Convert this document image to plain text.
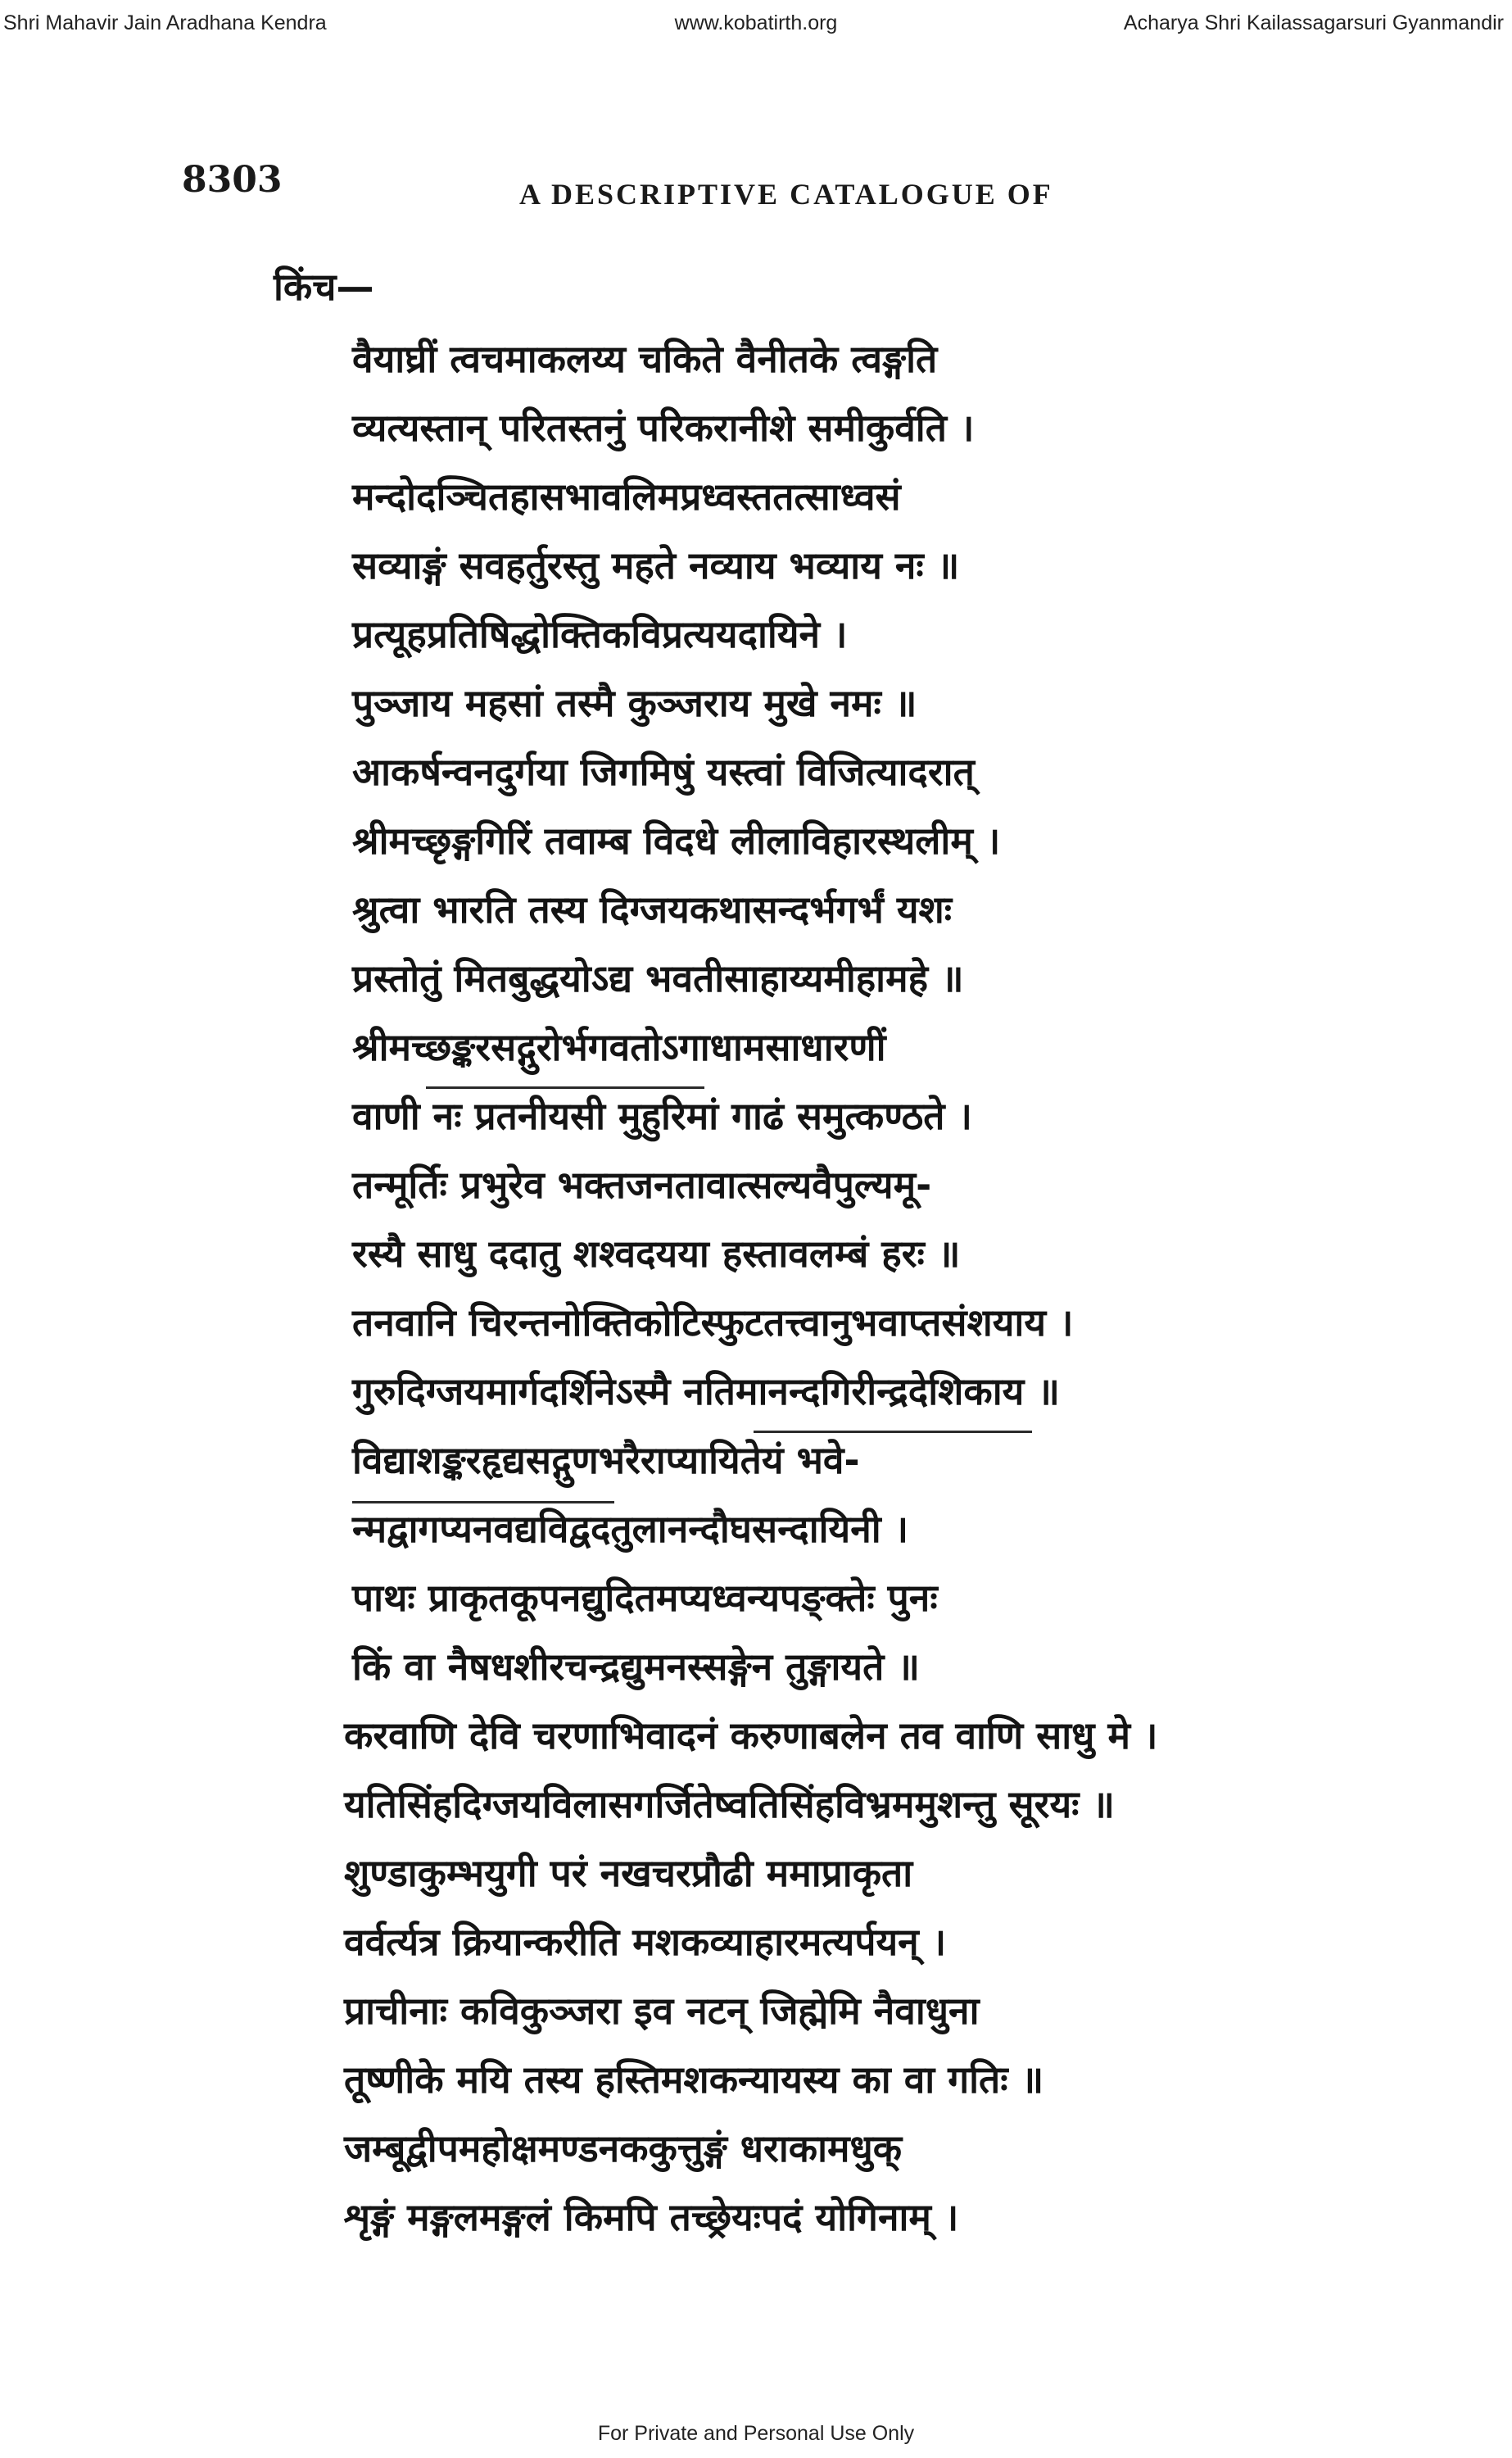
Shri Mahavir Jain Aradhana Kendra	www.kobatirth.org	Acharya Shri Kailassagarsuri Gyanmandir
8303	A DESCRIPTIVE CATALOGUE OF
किंच—
वैयाघ्रीं त्वचमाकलय्य चकिते वैनीतके त्वङ्गति
व्यत्यस्तान् परितस्तनुं परिकरानीशे समीकुर्वति ।
मन्दोदञ्चितहासभावलिमप्रध्वस्ततत्साध्वसं
सव्याङ्गं सवहर्तुरस्तु महते नव्याय भव्याय नः ॥
प्रत्यूहप्रतिषिद्धोक्तिकविप्रत्ययदायिने ।
पुञ्जाय महसां तस्मै कुञ्जराय मुखे नमः ॥
आकर्षन्वनदुर्गया जिगमिषुं यस्त्वां विजित्यादरात्
श्रीमच्छृङ्गगिरिं तवाम्ब विदधे लीलाविहारस्थलीम् ।
श्रुत्वा भारति तस्य दिग्जयकथासन्दर्भगर्भं यशः
प्रस्तोतुं मितबुद्धयोऽद्य भवतीसाहाय्यमीहामहे ॥
श्रीमच्छङ्करसद्गुरोर्भगवतोऽगाधामसाधारणीं
वाणी नः प्रतनीयसी मुहुरिमां गाढं समुत्कण्ठते ।
तन्मूर्तिः प्रभुरेव भक्तजनतावात्सल्यवैपुल्यमू-
रस्यै साधु ददातु शश्वदयया हस्तावलम्बं हरः ॥
तनवानि चिरन्तनोक्तिकोटिस्फुटतत्त्वानुभवाप्तसंशयाय ।
गुरुदिग्जयमार्गदर्शिनेऽस्मै नतिमानन्दगिरीन्द्रदेशिकाय ॥
विद्याशङ्करहृद्यसद्गुणभरैराप्यायितेयं भवे-
न्मद्वागप्यनवद्यविद्वदतुलानन्दौघसन्दायिनी ।
पाथः प्राकृतकूपनद्युदितमप्यध्वन्यपङ्क्तेः पुनः
किं वा नैषधशीरचन्द्रद्युमनस्सङ्गेन तुङ्गायते ॥
करवाणि देवि चरणाभिवादनं करुणाबलेन तव वाणि साधु मे ।
यतिसिंहदिग्जयविलासगर्जितेष्वतिसिंहविभ्रममुशन्तु सूरयः ॥
शुण्डाकुम्भयुगी परं नखचरप्रौढी ममाप्राकृता
वर्वर्त्यत्र क्रियान्करीति मशकव्याहारमत्यर्पयन् ।
प्राचीनाः कविकुञ्जरा इव नटन् जिह्मेमि नैवाधुना
तूष्णीके मयि तस्य हस्तिमशकन्यायस्य का वा गतिः ॥
जम्बूद्वीपमहोक्षमण्डनककुत्तुङ्गं धराकामधुक्
शृङ्गं मङ्गलमङ्गलं किमपि तच्छ्रेयःपदं योगिनाम् ।
For Private and Personal Use Only
